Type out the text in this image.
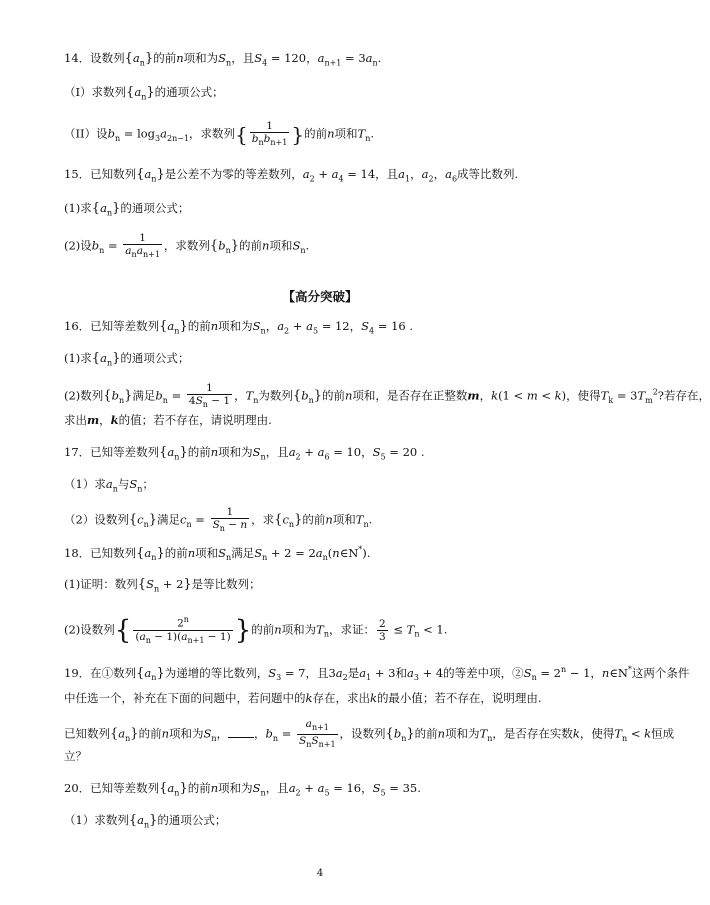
14．设数列$\{a_n\}$的前n项和为$S_n$，且$S_4 = 120$，$a_{n+1} = 3a_n$.
（I）求数列$\{a_n\}$的通项公式；
（II）设$b_n = \log_3a_{2n-1}$，求数列{ $\frac{1}{b_nb_{n+1}}$ }的前n项和$T_n$.
15．已知数列$\{a_n\}$是公差不为零的等差数列，$a_2 + a_4 = 14$，且$a_1$，$a_2$，$a_6$成等比数列.
(1)求$\{a_n\}$的通项公式；
(2)设$b_n = \frac{1}{a_na_{n+1}}$ ，求数列$\{b_n\}$的前n项和$S_n$.
【高分突破】
16．已知等差数列$\{a_n\}$的前n项和为$S_n$，$a_2 + a_5 = 12$，$S_4 = 16$ .
(1)求$\{a_n\}$的通项公式；
(2)数列$\{b_n\}$满足$b_n = \frac{1}{4S_n - 1}$ ，$T_n$为数列$\{b_n\}$的前n项和，是否存在正整数m，k(1 < m < k)，使得$T_k = 3T_m^2$?若存在，
求出m，k的值；若不存在，请说明理由.
17．已知等差数列$\{a_n\}$的前n项和为$S_n$，且$a_2 + a_6 = 10$，$S_5 = 20$ .
（1）求$a_n$与$S_n$；
（2）设数列$\{c_n\}$满足$c_n = \frac{1}{S_n - n}$ ，求$\{c_n\}$的前n项和$T_n$.
18．已知数列$\{a_n\}$的前n项和$S_n$满足$S_n + 2$ = $2a_n(n\in N^*)$.
(1)证明：数列$\{S_n + 2\}$是等比数列；
(2)设数列{ $\frac{2^n}{(a_n - 1)(a_{n+1} - 1)}$ }的前n项和为$T_n$，求证： $\frac{2}{3} \le T_n < 1$.
19．在①数列$\{a_n\}$为递增的等比数列，$S_3 = 7$，且$3a_2$是$a_1 + 3$和$a_3 + 4$的等差中项，$②S_n = 2^n - 1$，n∈N*这两个条件
中任选一个，补充在下面的问题中，若问题中的k存在，求出k的最小值；若不存在，说明理由.
已知数列$\{a_n\}$的前n项和为$S_n$， ，$b_n = \frac{a_{n+1}}{S_nS_{n+1}}$ ，设数列$\{b_n\}$的前n项和为$T_n$，是否存在实数k，使得$T_n < k$恒成
立？
20．已知等差数列$\{a_n\}$的前n项和为$S_n$，且$a_2 + a_5 = 16$，$S_5 = 35$.
（1）求数列$\{a_n\}$的通项公式；
4
